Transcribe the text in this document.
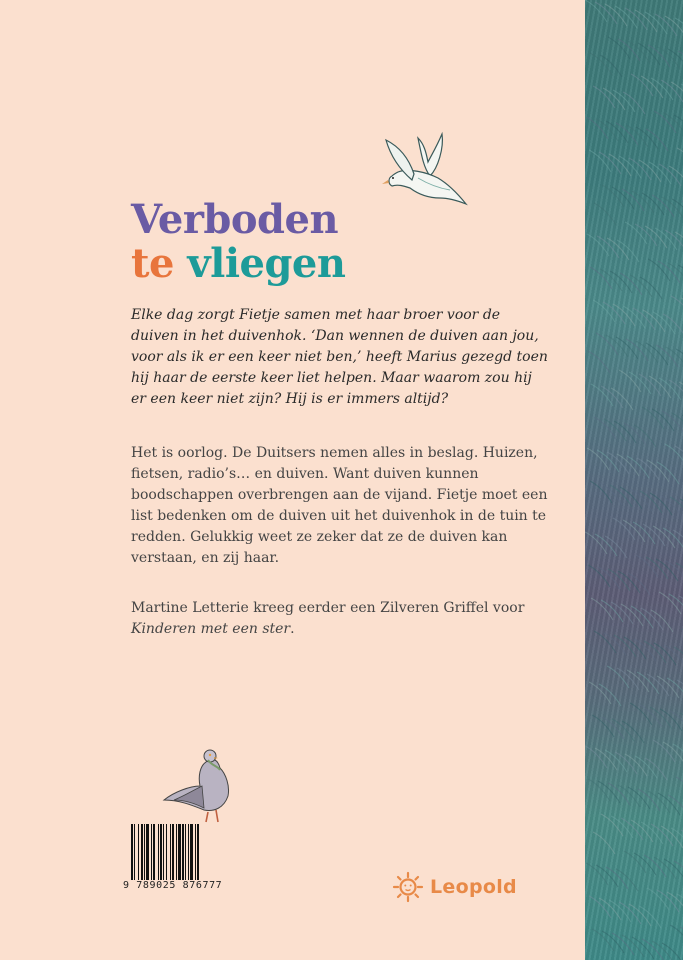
Verboden
te vliegen
Elke dag zorgt Fietje samen met haar broer voor de duiven in het duivenhok. ‘Dan wennen de duiven aan jou, voor als ik er een keer niet ben,’ heeft Marius gezegd toen hij haar de eerste keer liet helpen. Maar waarom zou hij er een keer niet zijn? Hij is er immers altijd?
Het is oorlog. De Duitsers nemen alles in beslag. Huizen, fietsen, radio’s… en duiven. Want duiven kunnen boodschappen overbrengen aan de vijand. Fietje moet een list bedenken om de duiven uit het duivenhok in de tuin te redden. Gelukkig weet ze zeker dat ze de duiven kan verstaan, en zij haar.
Martine Letterie kreeg eerder een Zilveren Griffel voor Kinderen met een ster.
9 789025 876777	Leopold
